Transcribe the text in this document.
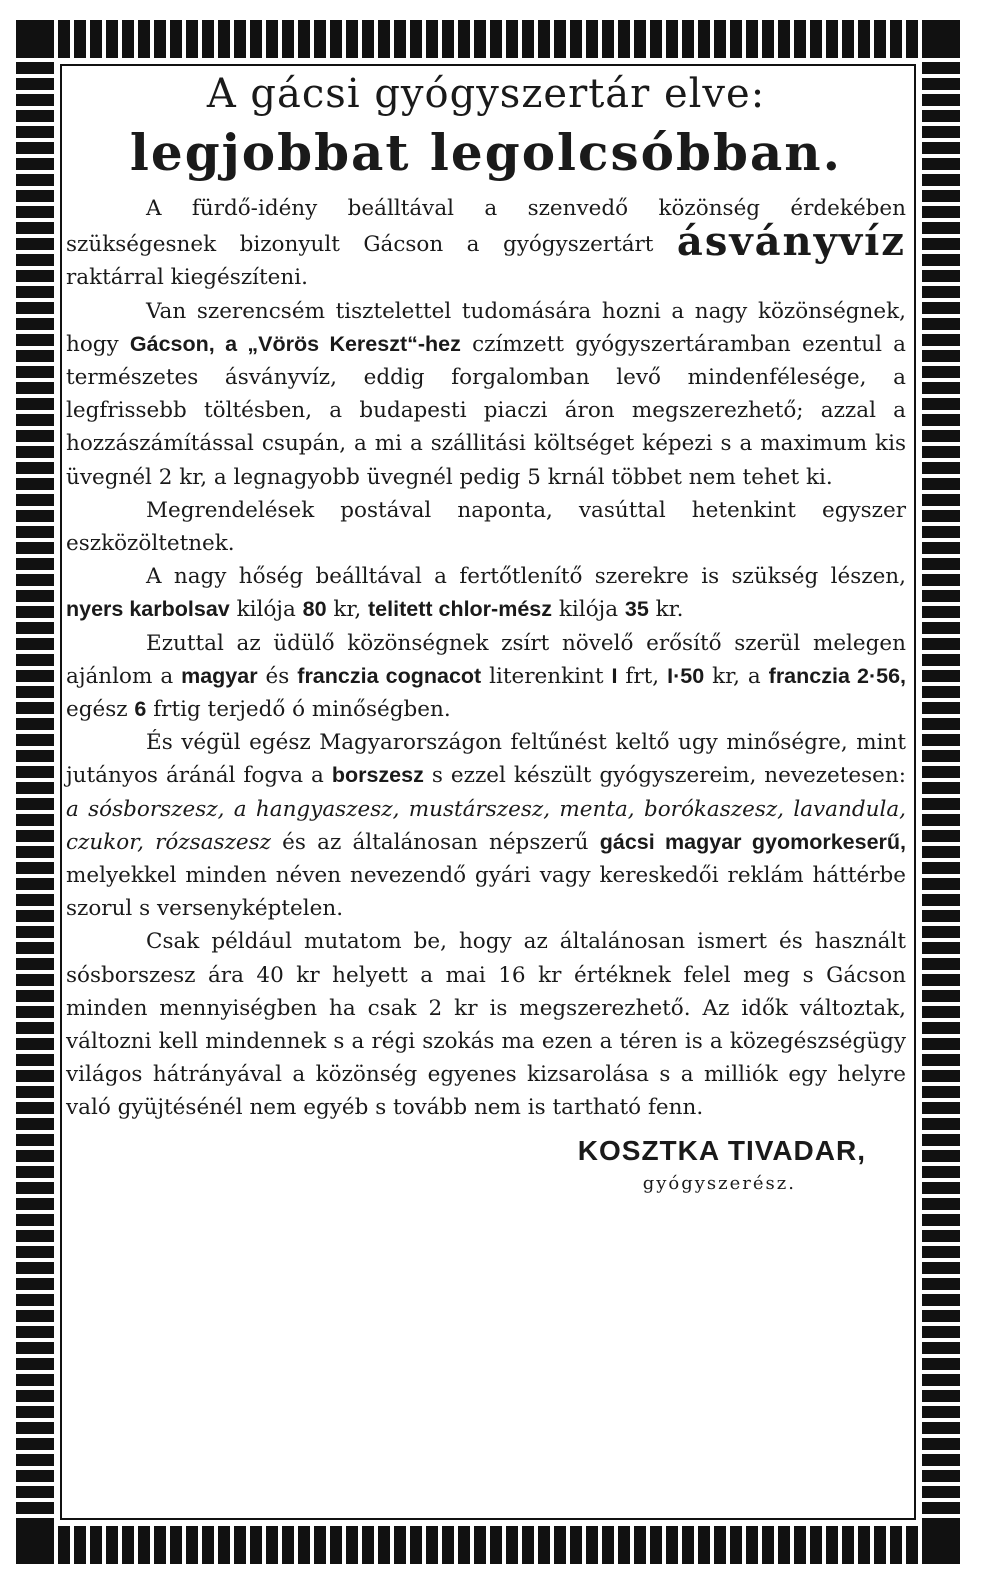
A gácsi gyógyszertár elve:
legjobbat legolcsóbban.

A fürdő-idény beálltával a szenvedő közönség érdekében szükségesnek bizonyult Gácson a gyógyszertárt ásványvíz raktárral kiegészíteni.

Van szerencsém tisztelettel tudomására hozni a nagy közönségnek, hogy Gácson, a „Vörös Kereszt“-hez czímzett gyógyszertáramban ezentul a természetes ásványvíz, eddig forgalomban levő mindenfélesége, a legfrissebb töltésben, a budapesti piaczi áron megszerezhető; azzal a hozzászámítással csupán, a mi a szállitási költséget képezi s a maximum kis üvegnél 2 kr, a legnagyobb üvegnél pedig 5 krnál többet nem tehet ki.

Megrendelések postával naponta, vasúttal hetenkint egyszer eszközöltetnek.

A nagy hőség beálltával a fertőtlenítő szerekre is szükség lészen, nyers karbolsav kilója 80 kr, telitett chlor-mész kilója 35 kr.

Ezuttal az üdülő közönségnek zsírt növelő erősítő szerül melegen ajánlom a magyar és franczia cognacot literenkint I frt, I·50 kr, a franczia 2·56, egész 6 frtig terjedő ó minőségben.

És végül egész Magyarországon feltűnést keltő ugy minőségre, mint jutányos áránál fogva a borszesz s ezzel készült gyógyszereim, nevezetesen: a sósborszesz, a hangyaszesz, mustárszesz, menta, borókaszesz, lavandula, czukor, rózsaszesz és az általánosan népszerű gácsi magyar gyomorkeserű, melyekkel minden néven nevezendő gyári vagy kereskedői reklám háttérbe szorul s versenyképtelen.

Csak például mutatom be, hogy az általánosan ismert és használt sósborszesz ára 40 kr helyett a mai 16 kr értéknek felel meg s Gácson minden mennyiségben ha csak 2 kr is megszerezhető. Az idők változtak, változni kell mindennek s a régi szokás ma ezen a téren is a közegészségügy világos hátrányával a közönség egyenes kizsarolása s a milliók egy helyre való gyüjtésénél nem egyéb s tovább nem is tartható fenn.

KOSZTKA TIVADAR,
gyógyszerész.
